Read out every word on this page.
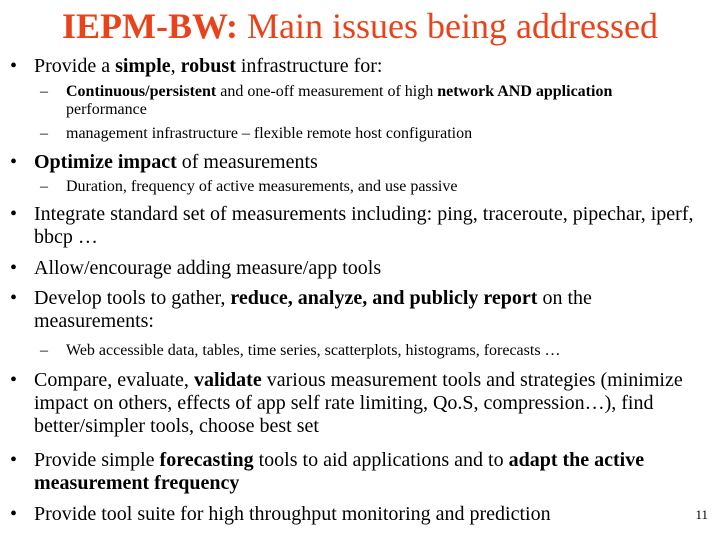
IEPM-BW: Main issues being addressed
• Provide a simple, robust infrastructure for:
–	Continuous/persistent and one-off measurement of high network AND application performance
–	management infrastructure – flexible remote host configuration
• Optimize impact of measurements
–	Duration, frequency of active measurements, and use passive
• Integrate standard set of measurements including: ping, traceroute, pipechar, iperf, bbcp …
• Allow/encourage adding measure/app tools
• Develop tools to gather, reduce, analyze, and publicly report on the measurements:
–	Web accessible data, tables, time series, scatterplots, histograms, forecasts …
• Compare, evaluate, validate various measurement tools and strategies (minimize impact on others, effects of app self rate limiting, Qo.S, compression…), find better/simpler tools, choose best set
• Provide simple forecasting tools to aid applications and to adapt the active measurement frequency
• Provide tool suite for high throughput monitoring and prediction	11
